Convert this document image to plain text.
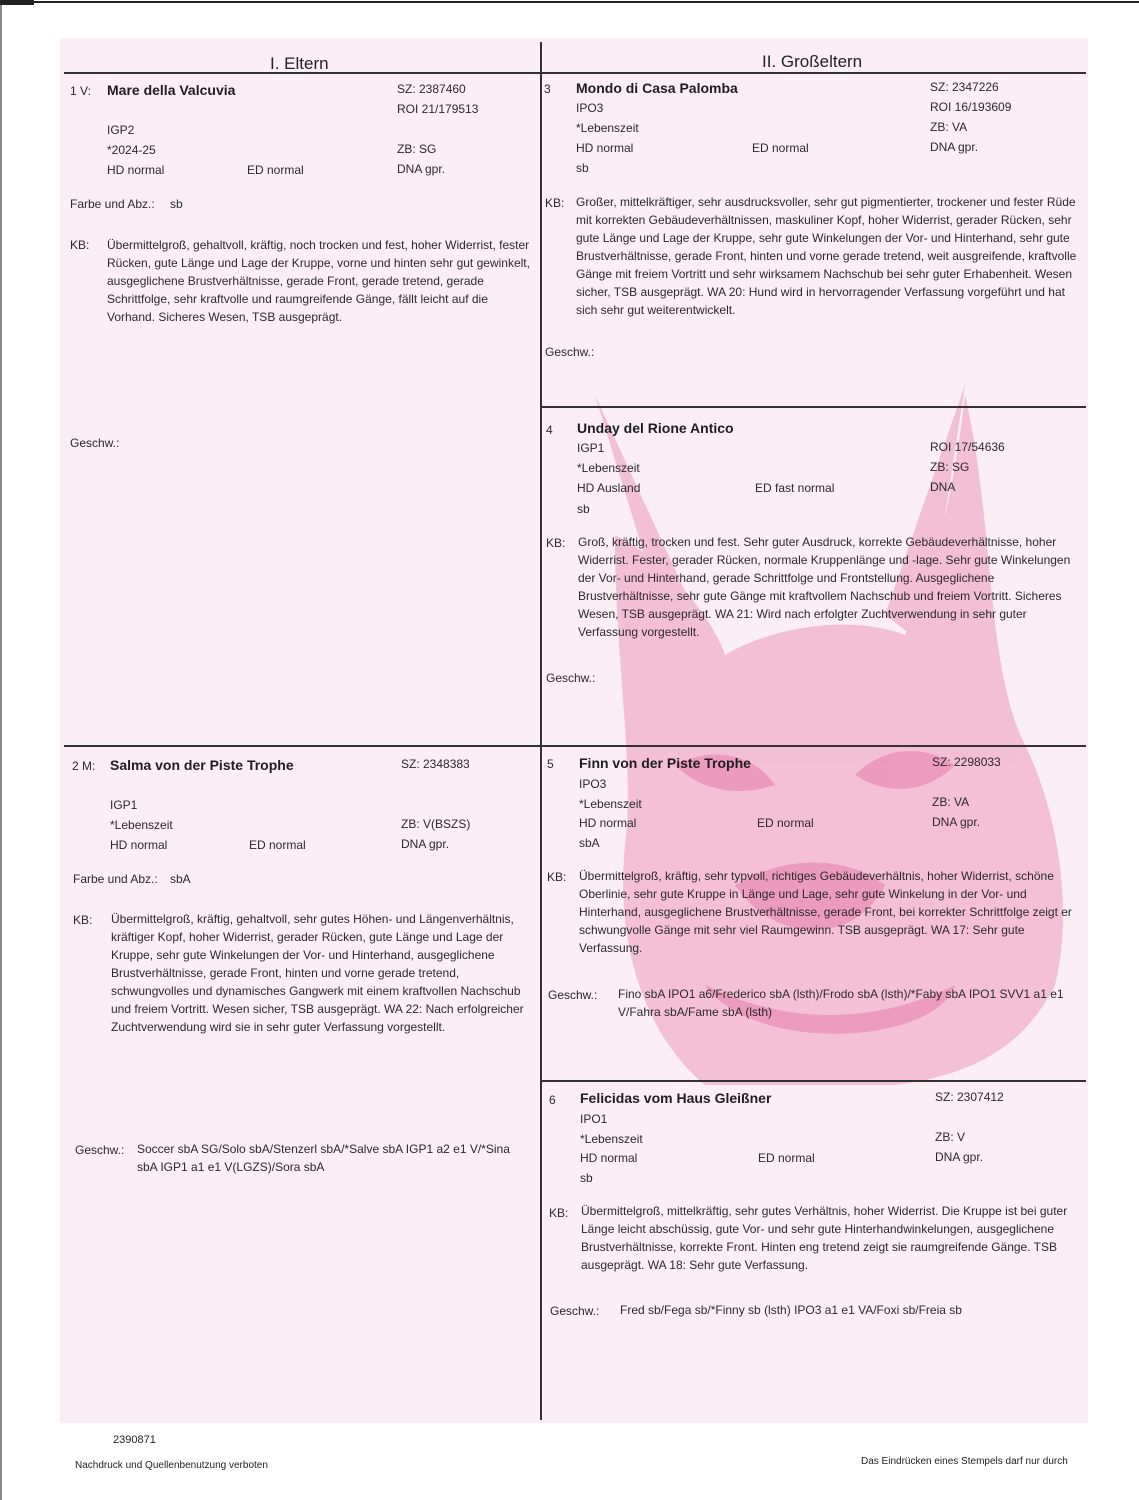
I. Eltern	II. Großeltern
1 V: Mare della Valcuvia	SZ: 2387460
ROI 21/179513
IGP2
*2024-25	ZB: SG
HD normal	ED normal	DNA gpr.
Farbe und Abz.: sb
KB: Übermittelgroß, gehaltvoll, kräftig, noch trocken und fest, hoher Widerrist, fester Rücken, gute Länge und Lage der Kruppe, vorne und hinten sehr gut gewinkelt, ausgeglichene Brustverhältnisse, gerade Front, gerade tretend, gerade Schrittfolge, sehr kraftvolle und raumgreifende Gänge, fällt leicht auf die Vorhand. Sicheres Wesen, TSB ausgeprägt.
Geschw.:
3 Mondo di Casa Palomba	SZ: 2347226
IPO3	ROI 16/193609
*Lebenszeit	ZB: VA
HD normal	ED normal	DNA gpr.
sb
KB: Großer, mittelkräftiger, sehr ausdrucksvoller, sehr gut pigmentierter, trockener und fester Rüde mit korrekten Gebäudeverhältnissen, maskuliner Kopf, hoher Widerrist, gerader Rücken, sehr gute Länge und Lage der Kruppe, sehr gute Winkelungen der Vor- und Hinterhand, sehr gute Brustverhältnisse, gerade Front, hinten und vorne gerade tretend, weit ausgreifende, kraftvolle Gänge mit freiem Vortritt und sehr wirksamem Nachschub bei sehr guter Erhabenheit. Wesen sicher, TSB ausgeprägt. WA 20: Hund wird in hervorragender Verfassung vorgeführt und hat sich sehr gut weiterentwickelt.
Geschw.:
4 Unday del Rione Antico
IGP1	ROI 17/54636
*Lebenszeit	ZB: SG
HD Ausland	ED fast normal	DNA
sb
KB: Groß, kräftig, trocken und fest. Sehr guter Ausdruck, korrekte Gebäudeverhältnisse, hoher Widerrist. Fester, gerader Rücken, normale Kruppenlänge und -lage. Sehr gute Winkelungen der Vor- und Hinterhand, gerade Schrittfolge und Frontstellung. Ausgeglichene Brustverhältnisse, sehr gute Gänge mit kraftvollem Nachschub und freiem Vortritt. Sicheres Wesen, TSB ausgeprägt. WA 21: Wird nach erfolgter Zuchtverwendung in sehr guter Verfassung vorgestellt.
Geschw.:
2 M: Salma von der Piste Trophe	SZ: 2348383
IGP1
*Lebenszeit	ZB: V(BSZS)
HD normal	ED normal	DNA gpr.
Farbe und Abz.: sbA
KB: Übermittelgroß, kräftig, gehaltvoll, sehr gutes Höhen- und Längenverhältnis, kräftiger Kopf, hoher Widerrist, gerader Rücken, gute Länge und Lage der Kruppe, sehr gute Winkelungen der Vor- und Hinterhand, ausgeglichene Brustverhältnisse, gerade Front, hinten und vorne gerade tretend, schwungvolles und dynamisches Gangwerk mit einem kraftvollen Nachschub und freiem Vortritt. Wesen sicher, TSB ausgeprägt. WA 22: Nach erfolgreicher Zuchtverwendung wird sie in sehr guter Verfassung vorgestellt.
Geschw.: Soccer sbA SG/Solo sbA/Stenzerl sbA/*Salve sbA IGP1 a2 e1 V/*Sina sbA IGP1 a1 e1 V(LGZS)/Sora sbA
5 Finn von der Piste Trophe	SZ: 2298033
IPO3
*Lebenszeit	ZB: VA
HD normal	ED normal	DNA gpr.
sbA
KB: Übermittelgroß, kräftig, sehr typvoll, richtiges Gebäudeverhältnis, hoher Widerrist, schöne Oberlinie, sehr gute Kruppe in Länge und Lage, sehr gute Winkelung in der Vor- und Hinterhand, ausgeglichene Brustverhältnisse, gerade Front, bei korrekter Schrittfolge zeigt er schwungvolle Gänge mit sehr viel Raumgewinn. TSB ausgeprägt. WA 17: Sehr gute Verfassung.
Geschw.: Fino sbA IPO1 a6/Frederico sbA (lsth)/Frodo sbA (lsth)/*Faby sbA IPO1 SVV1 a1 e1 V/Fahra sbA/Fame sbA (lsth)
6 Felicidas vom Haus Gleißner	SZ: 2307412
IPO1
*Lebenszeit	ZB: V
HD normal	ED normal	DNA gpr.
sb
KB: Übermittelgroß, mittelkräftig, sehr gutes Verhältnis, hoher Widerrist. Die Kruppe ist bei guter Länge leicht abschüssig, gute Vor- und sehr gute Hinterhandwinkelungen, ausgeglichene Brustverhältnisse, korrekte Front. Hinten eng tretend zeigt sie raumgreifende Gänge. TSB ausgeprägt. WA 18: Sehr gute Verfassung.
Geschw.: Fred sb/Fega sb/*Finny sb (lsth) IPO3 a1 e1 VA/Foxi sb/Freia sb
2390871
Nachdruck und Quellenbenutzung verboten	Das Eindrücken eines Stempels darf nur durch
